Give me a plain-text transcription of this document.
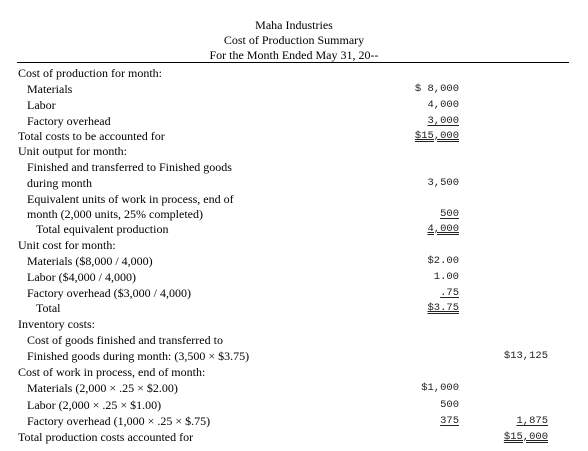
Maha Industries
Cost of Production Summary
For the Month Ended May 31, 20--
Cost of production for month:
Materials	$ 8,000
Labor	4,000
Factory overhead	3,000
Total costs to be accounted for	$15,000
Unit output for month:
Finished and transferred to Finished goods
during month	3,500
Equivalent units of work in process, end of
month (2,000 units, 25% completed)	500
Total equivalent production	4,000
Unit cost for month:
Materials ($8,000 / 4,000)	$2.00
Labor ($4,000 / 4,000)	1.00
Factory overhead ($3,000 / 4,000)	.75
Total	$3.75
Inventory costs:
Cost of goods finished and transferred to
Finished goods during month: (3,500 × $3.75)	$13,125
Cost of work in process, end of month:
Materials (2,000 × .25 × $2.00)	$1,000
Labor (2,000 × .25 × $1.00)	500
Factory overhead (1,000 × .25 × $.75)	375	1,875
Total production costs accounted for	$15,000
